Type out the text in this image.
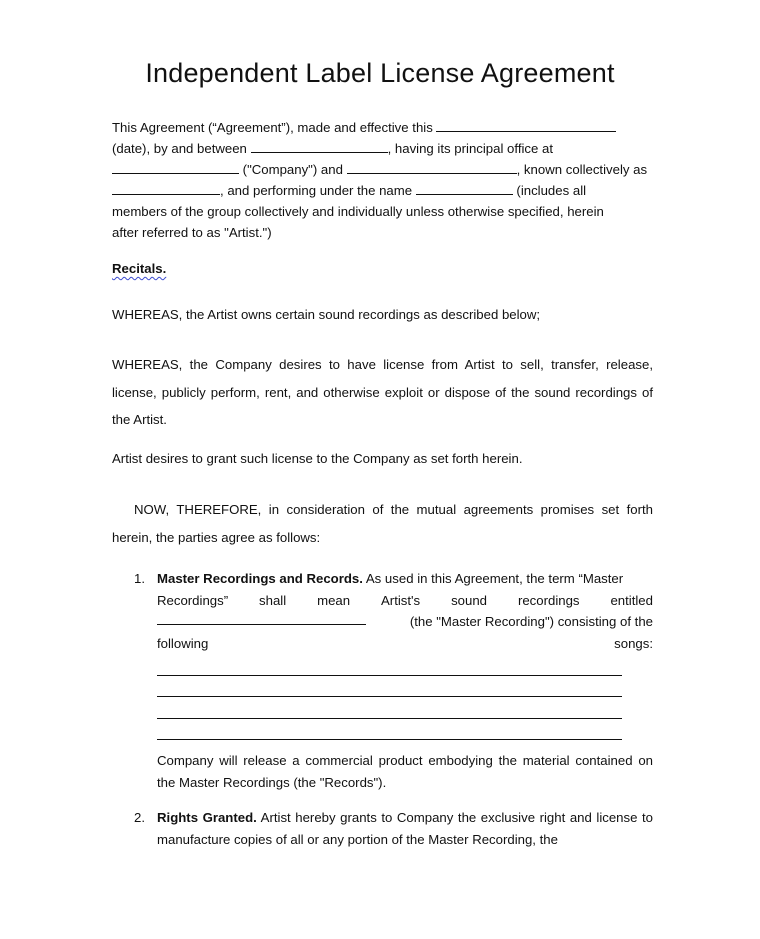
Independent Label License Agreement
This Agreement (“Agreement”), made and effective this
(date), by and between	, having its principal office at
("Company") and	, known collectively as
, and performing under the name	(includes all
members of the group collectively and individually unless otherwise specified, herein
after referred to as "Artist.")
Recitals.
WHEREAS, the Artist owns certain sound recordings as described below;
WHEREAS, the Company desires to have license from Artist to sell, transfer, release, license, publicly perform, rent, and otherwise exploit or dispose of the sound recordings of the Artist.
Artist desires to grant such license to the Company as set forth herein.
NOW, THEREFORE, in consideration of the mutual agreements promises set forth herein, the parties agree as follows:
1. Master Recordings and Records. As used in this Agreement, the term “Master
Recordings” shall mean Artist's sound recordings entitled
(the "Master Recording") consisting of the
following	songs:
Company will release a commercial product embodying the material contained on the Master Recordings (the "Records").
2. Rights Granted. Artist hereby grants to Company the exclusive right and license to manufacture copies of all or any portion of the Master Recording, the
